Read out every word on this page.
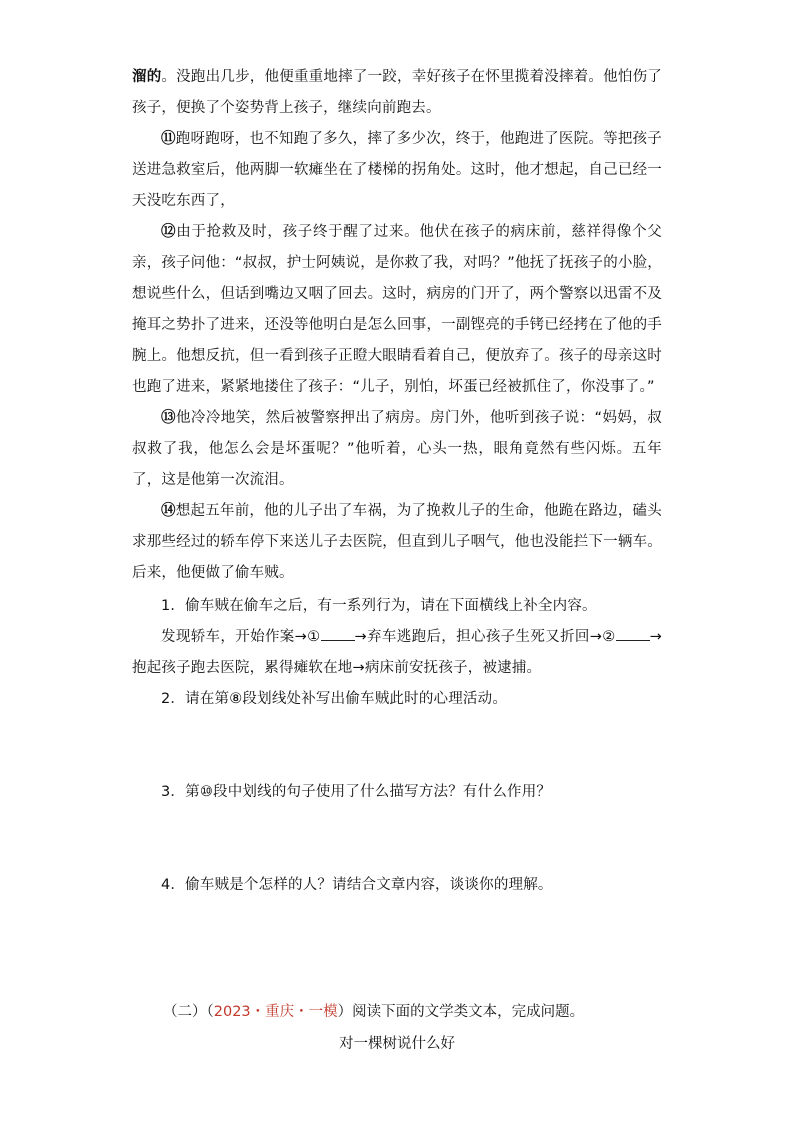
溜的。没跑出几步，他便重重地摔了一跤，幸好孩子在怀里揽着没摔着。他怕伤了孩子，便换了个姿势背上孩子，继续向前跑去。

⑪跑呀跑呀，也不知跑了多久，摔了多少次，终于，他跑进了医院。等把孩子送进急救室后，他两脚一软瘫坐在了楼梯的拐角处。这时，他才想起，自己已经一天没吃东西了，

⑫由于抢救及时，孩子终于醒了过来。他伏在孩子的病床前，慈祥得像个父亲，孩子问他：“叔叔，护士阿姨说，是你救了我，对吗？”他抚了抚孩子的小脸，想说些什么，但话到嘴边又咽了回去。这时，病房的门开了，两个警察以迅雷不及掩耳之势扑了进来，还没等他明白是怎么回事，一副铿亮的手铐已经拷在了他的手腕上。他想反抗，但一看到孩子正瞪大眼睛看着自己，便放弃了。孩子的母亲这时也跑了进来，紧紧地搂住了孩子：“儿子，别怕，坏蛋已经被抓住了，你没事了。”

⑬他冷冷地笑，然后被警察押出了病房。房门外，他听到孩子说：“妈妈，叔叔救了我，他怎么会是坏蛋呢？”他听着，心头一热，眼角竟然有些闪烁。五年了，这是他第一次流泪。

⑭想起五年前，他的儿子出了车祸，为了挽救儿子的生命，他跪在路边，磕头求那些经过的轿车停下来送儿子去医院，但直到儿子咽气，他也没能拦下一辆车。后来，他便做了偷车贼。

1．偷车贼在偷车之后，有一系列行为，请在下面横线上补全内容。

发现轿车，开始作案→① →弃车逃跑后，担心孩子生死又折回→② →抱起孩子跑去医院，累得瘫软在地→病床前安抚孩子，被逮捕。

2．请在第⑧段划线处补写出偷车贼此时的心理活动。

3．第⑩段中划线的句子使用了什么描写方法？有什么作用？

4．偷车贼是个怎样的人？请结合文章内容，谈谈你的理解。

（二）（2023・重庆・一模）阅读下面的文学类文本，完成问题。
对一棵树说什么好
